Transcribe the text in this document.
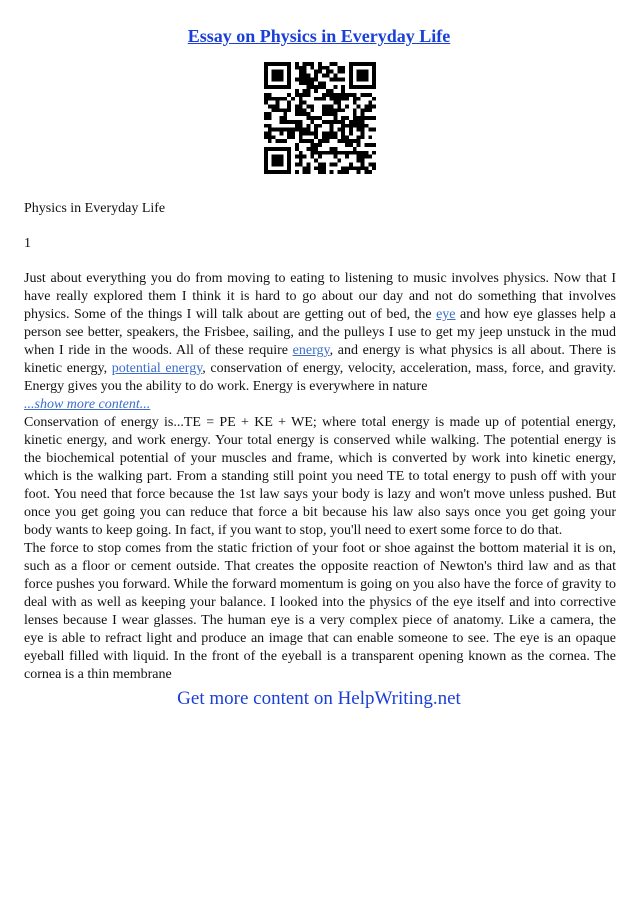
Essay on Physics in Everyday Life
Physics in Everyday Life
1

Just about everything you do from moving to eating to listening to music involves physics. Now that I have really explored them I think it is hard to go about our day and not do something that involves physics. Some of the things I will talk about are getting out of bed, the eye and how eye glasses help a person see better, speakers, the Frisbee, sailing, and the pulleys I use to get my jeep unstuck in the mud when I ride in the woods. All of these require energy, and energy is what physics is all about. There is kinetic energy, potential energy, conservation of energy, velocity, acceleration, mass, force, and gravity. Energy gives you the ability to do work. Energy is everywhere in nature

...show more content...

Conservation of energy is...TE = PE + KE + WE; where total energy is made up of potential energy, kinetic energy, and work energy. Your total energy is conserved while walking. The potential energy is the biochemical potential of your muscles and frame, which is converted by work into kinetic energy, which is the walking part. From a standing still point you need TE to total energy to push off with your foot. You need that force because the 1st law says your body is lazy and won't move unless pushed. But once you get going you can reduce that force a bit because his law also says once you get going your body wants to keep going. In fact, if you want to stop, you'll need to exert some force to do that.

The force to stop comes from the static friction of your foot or shoe against the bottom material it is on, such as a floor or cement outside. That creates the opposite reaction of Newton's third law and as that force pushes you forward. While the forward momentum is going on you also have the force of gravity to deal with as well as keeping your balance. I looked into the physics of the eye itself and into corrective lenses because I wear glasses. The human eye is a very complex piece of anatomy. Like a camera, the eye is able to refract light and produce an image that can enable someone to see. The eye is an opaque eyeball filled with liquid. In the front of the eyeball is a transparent opening known as the cornea. The cornea is a thin membrane

Get more content on HelpWriting.net
